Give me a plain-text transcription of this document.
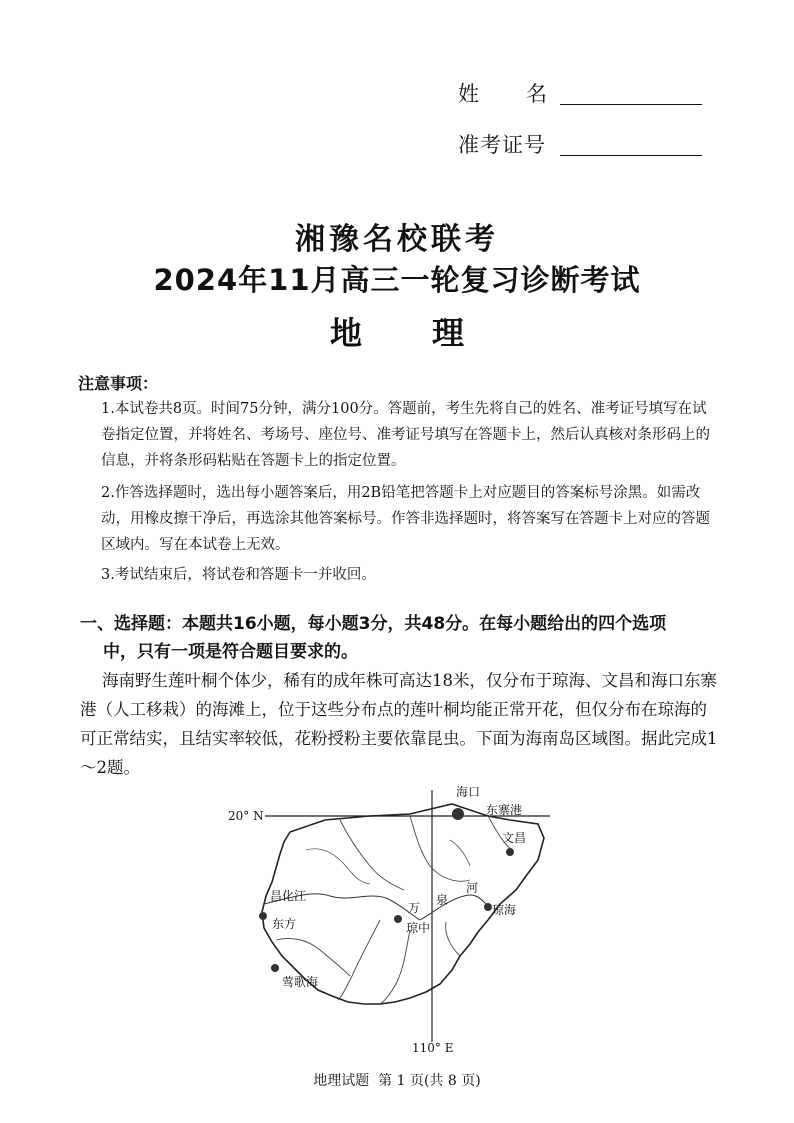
姓      名
准考证号
湘豫名校联考
2024年11月高三一轮复习诊断考试
地 理
注意事项：

1.本试卷共8页。时间75分钟，满分100分。答题前，考生先将自己的姓名、准考证号填写在试卷指定位置，并将姓名、考场号、座位号、准考证号填写在答题卡上，然后认真核对条形码上的信息，并将条形码粘贴在答题卡上的指定位置。

2.作答选择题时，选出每小题答案后，用2B铅笔把答题卡上对应题目的答案标号涂黑。如需改动，用橡皮擦干净后，再选涂其他答案标号。作答非选择题时，将答案写在答题卡上对应的答题区域内。写在本试卷上无效。

3.考试结束后，将试卷和答题卡一并收回。

一、选择题：本题共16小题，每小题3分，共48分。在每小题给出的四个选项
中，只有一项是符合题目要求的。
海南野生莲叶桐个体少，稀有的成年株可高达18米，仅分布于琼海、文昌和海口东寨港（人工移栽）的海滩上，位于这些分布点的莲叶桐均能正常开花，但仅分布在琼海的可正常结实，且结实率较低，花粉授粉主要依靠昆虫。下面为海南岛区域图。据此完成1～2题。
20° N
110° E
海口
东寨港
文昌
琼海
琼中
东方
莺歌海
昌化江
万
泉
河
地理试题  第 1 页(共 8 页)
